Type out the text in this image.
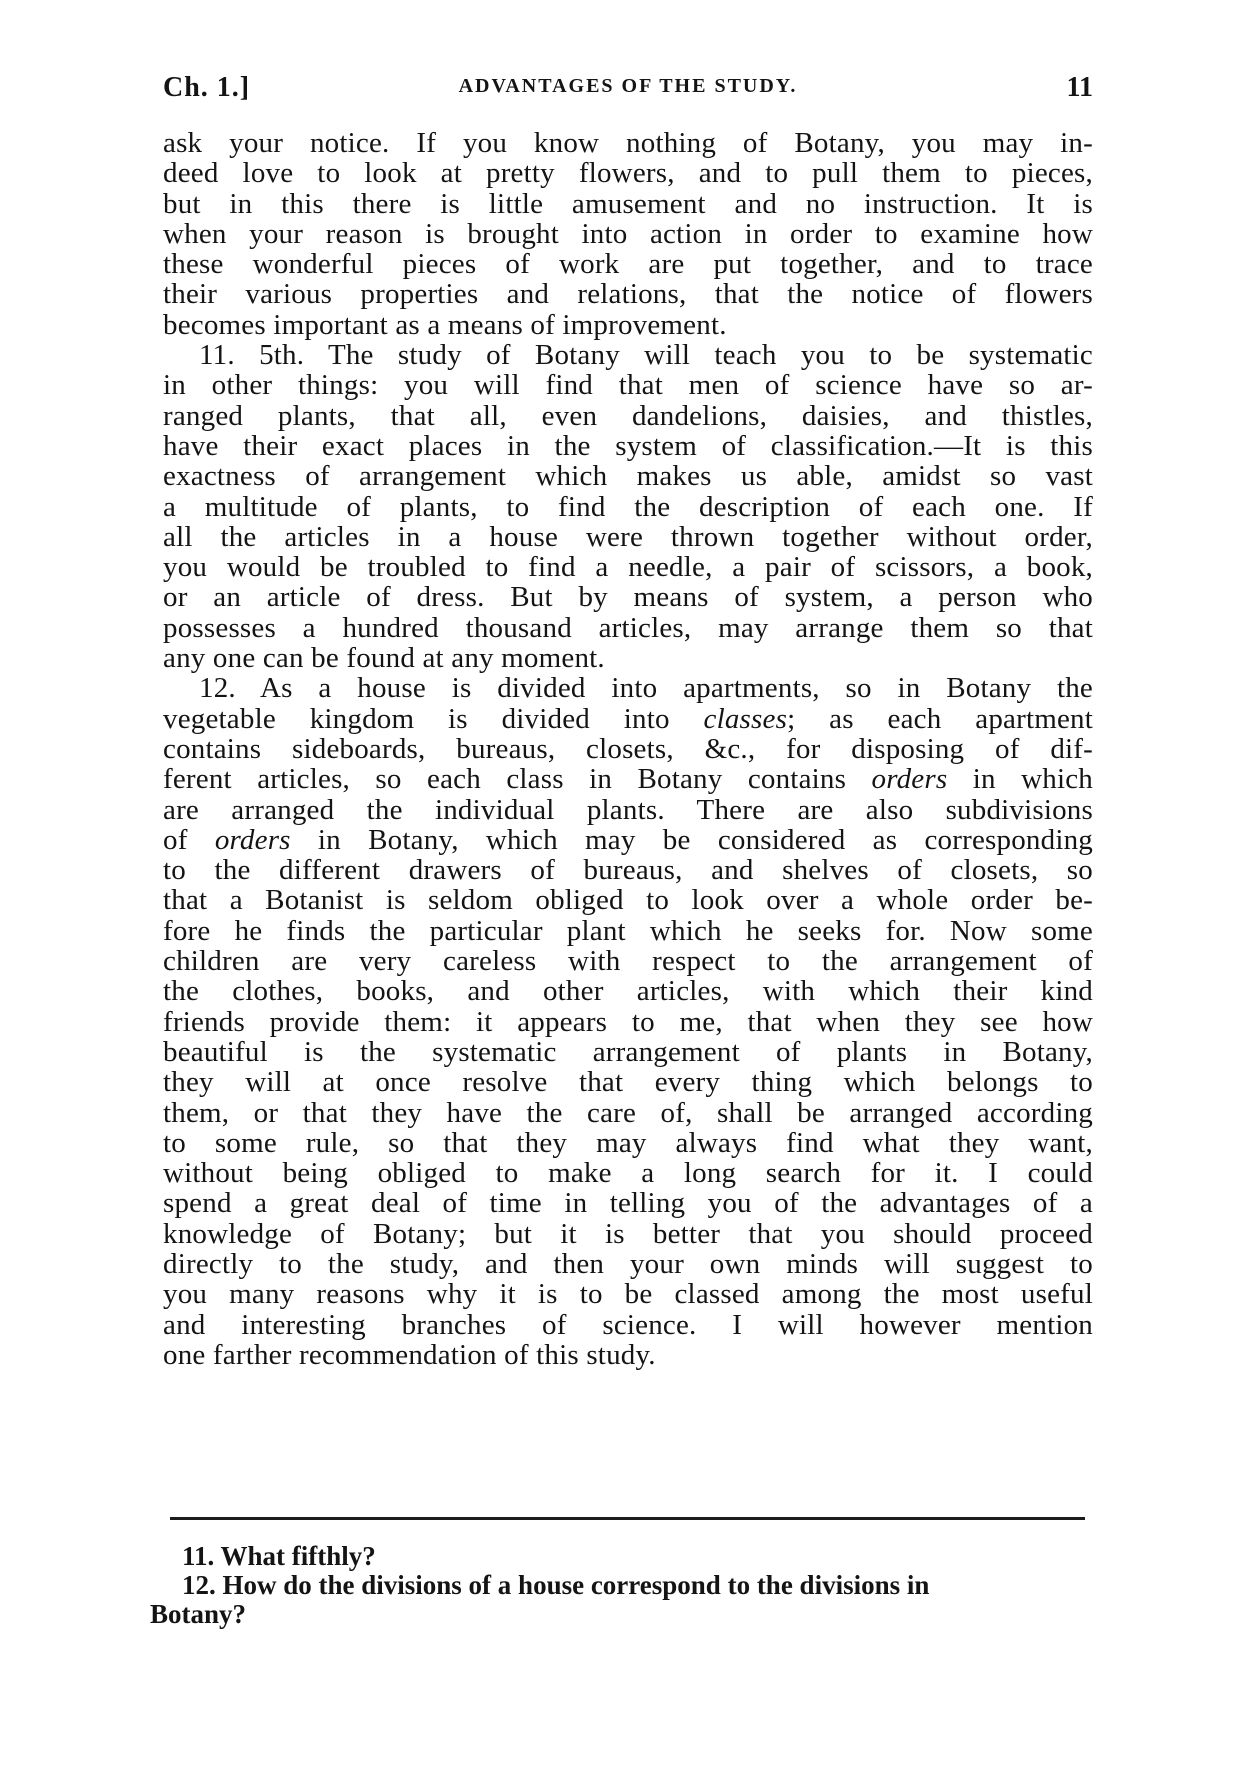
Ch. 1.]	ADVANTAGES OF THE STUDY.	11
ask your notice. If you know nothing of Botany, you may in-
deed love to look at pretty flowers, and to pull them to pieces,
but in this there is little amusement and no instruction. It is
when your reason is brought into action in order to examine how
these wonderful pieces of work are put together, and to trace
their various properties and relations, that the notice of flowers
becomes important as a means of improvement.
11. 5th. The study of Botany will teach you to be systematic
in other things: you will find that men of science have so ar-
ranged plants, that all, even dandelions, daisies, and thistles,
have their exact places in the system of classification.—It is this
exactness of arrangement which makes us able, amidst so vast
a multitude of plants, to find the description of each one. If
all the articles in a house were thrown together without order,
you would be troubled to find a needle, a pair of scissors, a book,
or an article of dress. But by means of system, a person who
possesses a hundred thousand articles, may arrange them so that
any one can be found at any moment.
12. As a house is divided into apartments, so in Botany the
vegetable kingdom is divided into classes; as each apartment
contains sideboards, bureaus, closets, &c., for disposing of dif-
ferent articles, so each class in Botany contains orders in which
are arranged the individual plants. There are also subdivisions
of orders in Botany, which may be considered as corresponding
to the different drawers of bureaus, and shelves of closets, so
that a Botanist is seldom obliged to look over a whole order be-
fore he finds the particular plant which he seeks for. Now some
children are very careless with respect to the arrangement of
the clothes, books, and other articles, with which their kind
friends provide them: it appears to me, that when they see how
beautiful is the systematic arrangement of plants in Botany,
they will at once resolve that every thing which belongs to
them, or that they have the care of, shall be arranged according
to some rule, so that they may always find what they want,
without being obliged to make a long search for it. I could
spend a great deal of time in telling you of the advantages of a
knowledge of Botany; but it is better that you should proceed
directly to the study, and then your own minds will suggest to
you many reasons why it is to be classed among the most useful
and interesting branches of science. I will however mention
one farther recommendation of this study.
11. What fifthly?
12. How do the divisions of a house correspond to the divisions in
Botany?
